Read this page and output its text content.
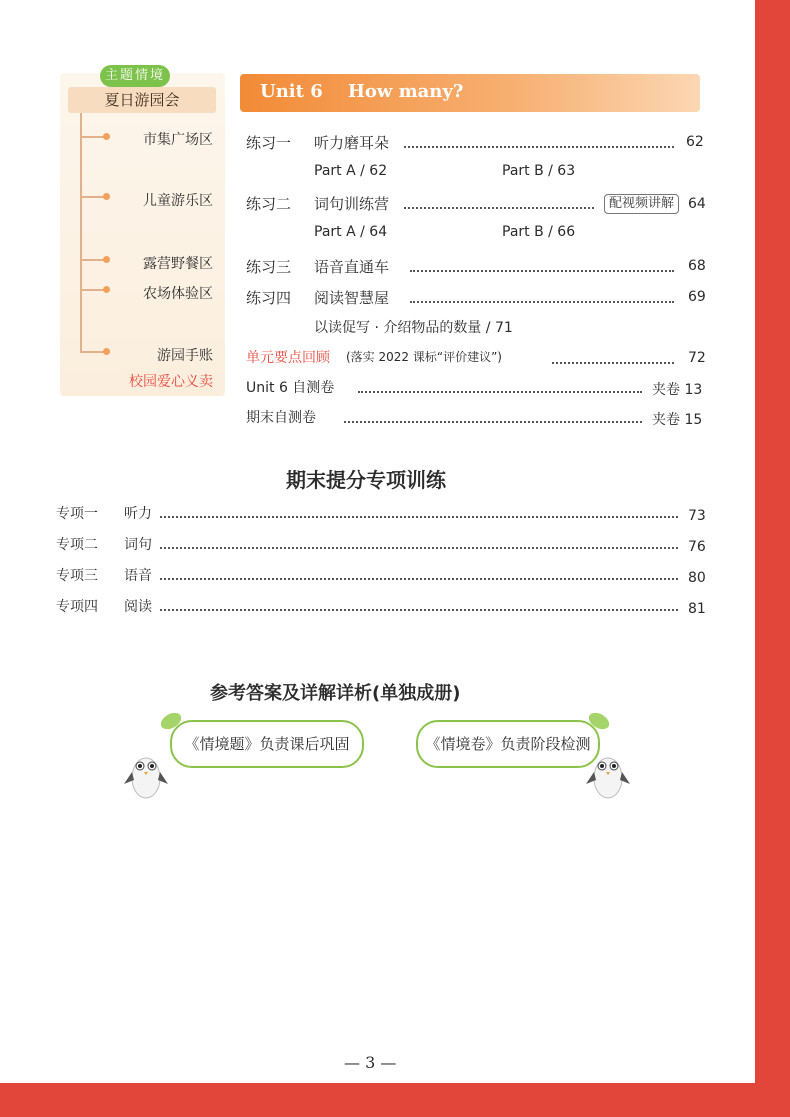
主题情境
夏日游园会
市集广场区
儿童游乐区
露营野餐区
农场体验区
游园手账
校园爱心义卖
Unit 6 How many?
练习一 听力磨耳朵	62
Part A / 62	Part B / 63
练习二 词句训练营	配视频讲解 64
Part A / 64	Part B / 66
练习三 语音直通车	68
练习四 阅读智慧屋	69
以读促写 · 介绍物品的数量 / 71
单元要点回顾 (落实 2022 课标“评价建议”)	72
Unit 6 自测卷	夹卷 13
期末自测卷	夹卷 15
期末提分专项训练
专项一 听力	73
专项二 词句	76
专项三 语音	80
专项四 阅读	81
参考答案及详解详析(单独成册)
《情境题》负责课后巩固	《情境卷》负责阶段检测
— 3 —
